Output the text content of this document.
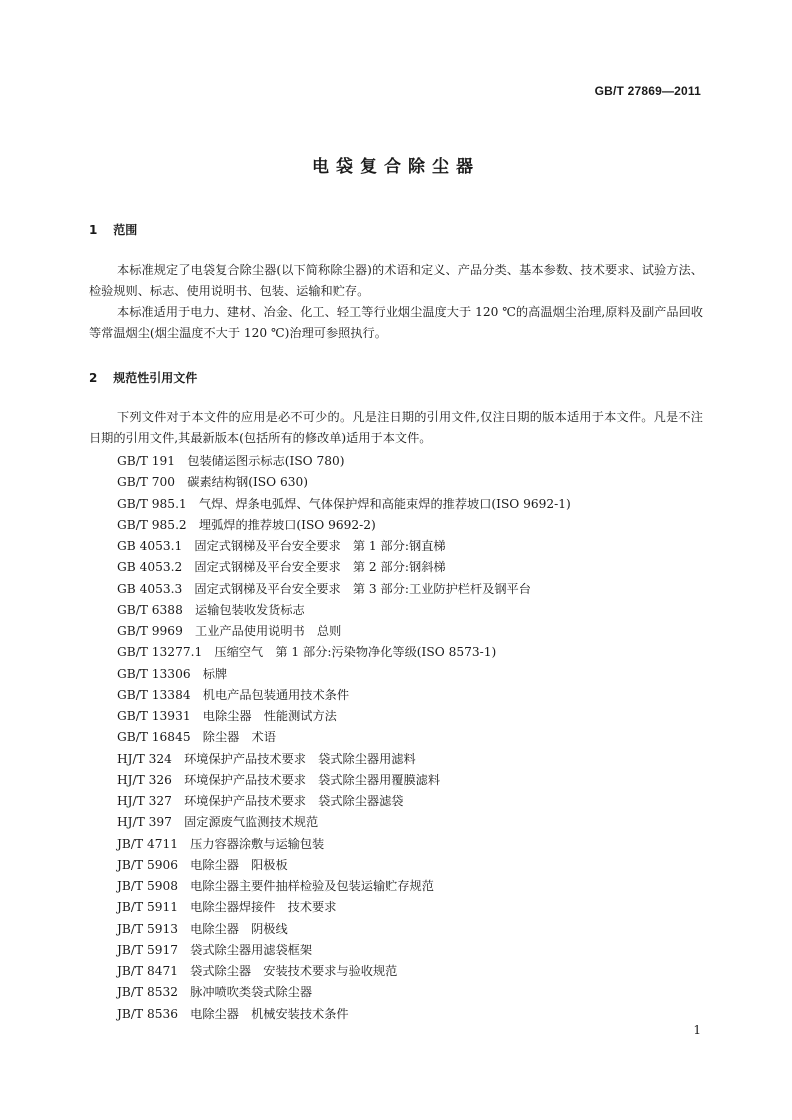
GB/T 27869—2011
电袋复合除尘器
1 范围

本标准规定了电袋复合除尘器(以下简称除尘器)的术语和定义、产品分类、基本参数、技术要求、试验方法、检验规则、标志、使用说明书、包装、运输和贮存。

本标准适用于电力、建材、冶金、化工、轻工等行业烟尘温度大于 120 ℃的高温烟尘治理,原料及副产品回收等常温烟尘(烟尘温度不大于 120 ℃)治理可参照执行。

2 规范性引用文件

下列文件对于本文件的应用是必不可少的。凡是注日期的引用文件,仅注日期的版本适用于本文件。凡是不注日期的引用文件,其最新版本(包括所有的修改单)适用于本文件。

GB/T 191　包装储运图示标志(ISO 780)
GB/T 700　碳素结构钢(ISO 630)
GB/T 985.1　气焊、焊条电弧焊、气体保护焊和高能束焊的推荐坡口(ISO 9692-1)
GB/T 985.2　埋弧焊的推荐坡口(ISO 9692-2)
GB 4053.1　固定式钢梯及平台安全要求　第 1 部分:钢直梯
GB 4053.2　固定式钢梯及平台安全要求　第 2 部分:钢斜梯
GB 4053.3　固定式钢梯及平台安全要求　第 3 部分:工业防护栏杆及钢平台
GB/T 6388　运输包装收发货标志
GB/T 9969　工业产品使用说明书　总则
GB/T 13277.1　压缩空气　第 1 部分:污染物净化等级(ISO 8573-1)
GB/T 13306　标牌
GB/T 13384　机电产品包装通用技术条件
GB/T 13931　电除尘器　性能测试方法
GB/T 16845　除尘器　术语
HJ/T 324　环境保护产品技术要求　袋式除尘器用滤料
HJ/T 326　环境保护产品技术要求　袋式除尘器用覆膜滤料
HJ/T 327　环境保护产品技术要求　袋式除尘器滤袋
HJ/T 397　固定源废气监测技术规范
JB/T 4711　压力容器涂敷与运输包装
JB/T 5906　电除尘器　阳极板
JB/T 5908　电除尘器主要件抽样检验及包装运输贮存规范
JB/T 5911　电除尘器焊接件　技术要求
JB/T 5913　电除尘器　阴极线
JB/T 5917　袋式除尘器用滤袋框架
JB/T 8471　袋式除尘器　安装技术要求与验收规范
JB/T 8532　脉冲喷吹类袋式除尘器
JB/T 8536　电除尘器　机械安装技术条件
1
